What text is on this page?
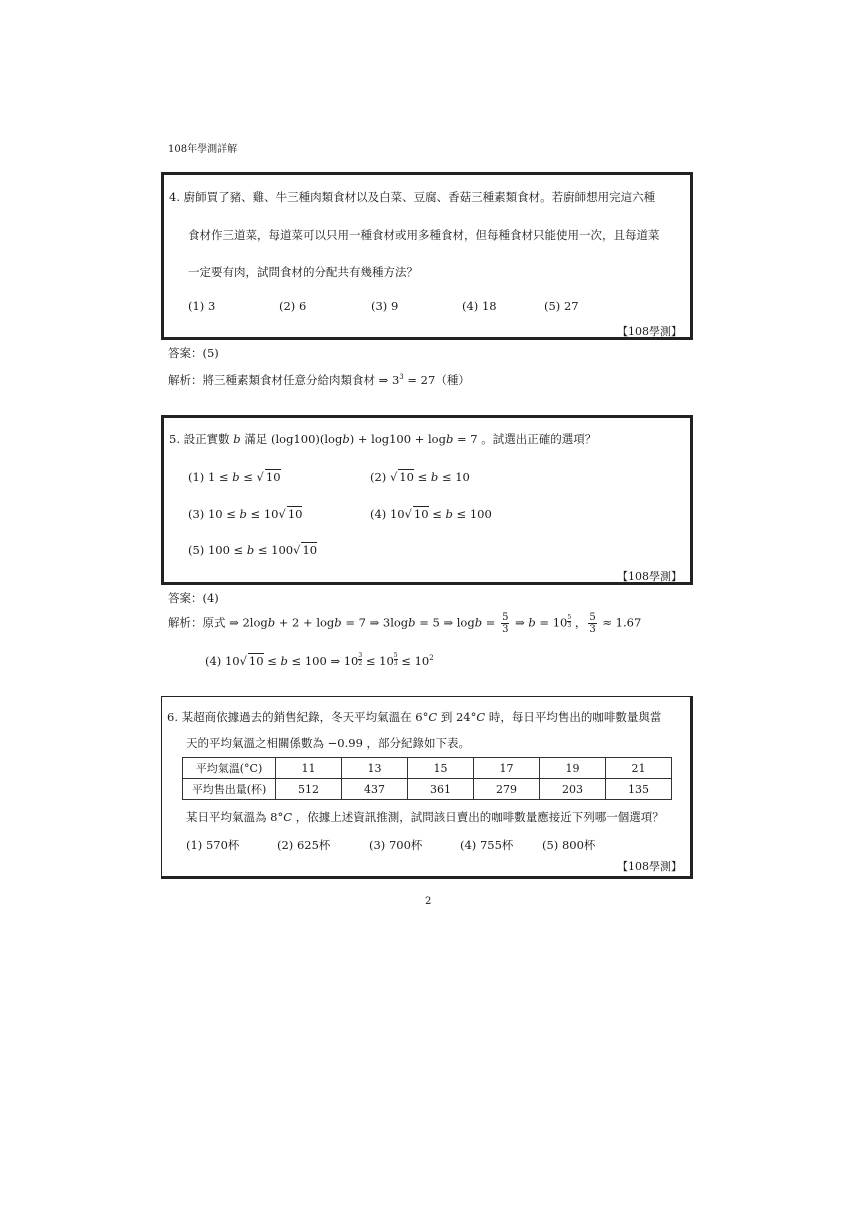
108年學測詳解
4. 廚師買了豬、雞、牛三種肉類食材以及白菜、豆腐、香菇三種素類食材。若廚師想用完這六種
食材作三道菜，每道菜可以只用一種食材或用多種食材，但每種食材只能使用一次，且每道菜
一定要有肉，試問食材的分配共有幾種方法？
(1) 3	(2) 6	(3) 9	(4) 18	(5) 27
【108學測】
答案：(5)
解析：將三種素類食材任意分給肉類食材 ⇒ $3^3 = 27$（種）
5. 設正實數 b 滿足 (log100)(logb) + log100 + logb = 7 。試選出正確的選項？
(1) 1 ≤ b ≤ √ 10	(2) √ 10 ≤ b ≤ 10
(3) 10 ≤ b ≤ 10√ 10	(4) 10√ 10 ≤ b ≤ 100
(5) 100 ≤ b ≤ 100√ 10
【108學測】
答案：(4)
解析：原式 ⇒ 2logb + 2 + logb = 7 ⇒ 3logb = 5 ⇒ $\log b = \frac{5}{3}$ ⇒ $b = 10 \frac{5}{3}$ ， $\frac{5}{3} \approx 1.67$
(4) 10√ 10 ≤ b ≤ 100 ⇒ $10 \frac{3}{2} \le 10 \frac{5}{3} \le 10^2$
6. 某超商依據過去的銷售紀錄，冬天平均氣溫在 6°C 到 24°C 時，每日平均售出的咖啡數量與當
天的平均氣溫之相關係數為 −0.99 ，部分紀錄如下表。
某日平均氣溫為 8°C ，依據上述資訊推測，試問該日賣出的咖啡數量應接近下列哪一個選項？
(1) 570杯	(2) 625杯	(3) 700杯	(4) 755杯 (5) 800杯
【108學測】
平均氣溫(°C)	11	13	15	17	19	21
平均售出量(杯)	512	437	361	279	203	135
2
